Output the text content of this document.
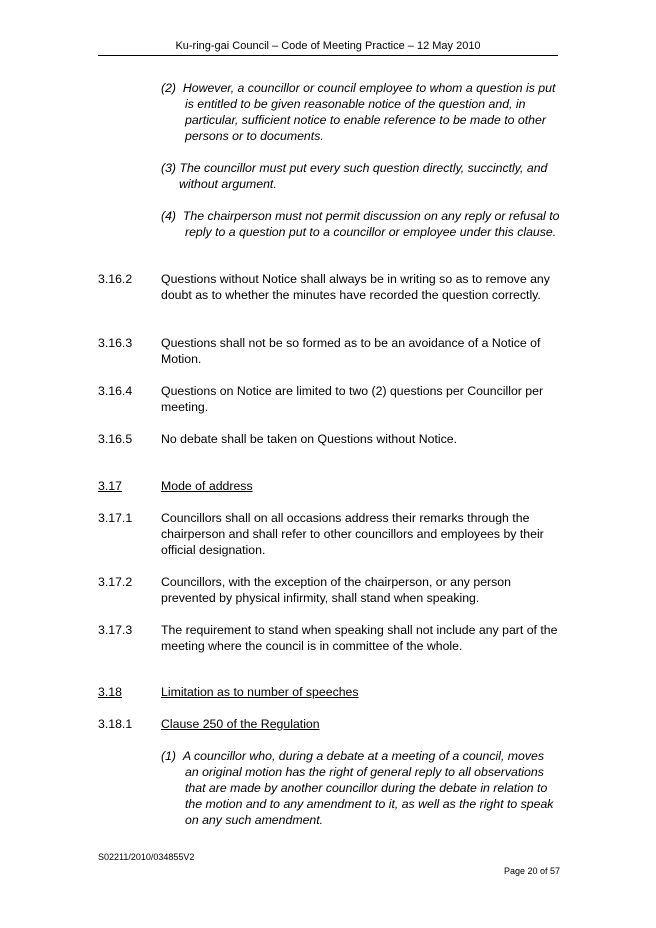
Ku-ring-gai Council – Code of Meeting Practice – 12 May 2010
(2)  However, a councillor or council employee to whom a question is put is entitled to be given reasonable notice of the question and, in particular, sufficient notice to enable reference to be made to other persons or to documents.
(3) The councillor must put every such question directly, succinctly, and without argument.
(4)  The chairperson must not permit discussion on any reply or refusal to reply to a question put to a councillor or employee under this clause.
3.16.2 Questions without Notice shall always be in writing so as to remove any doubt as to whether the minutes have recorded the question correctly.
3.16.3 Questions shall not be so formed as to be an avoidance of a Notice of Motion.
3.16.4 Questions on Notice are limited to two (2) questions per Councillor per meeting.
3.16.5 No debate shall be taken on Questions without Notice.
3.17	Mode of address
3.17.1 Councillors shall on all occasions address their remarks through the chairperson and shall refer to other councillors and employees by their official designation.
3.17.2 Councillors, with the exception of the chairperson, or any person prevented by physical infirmity, shall stand when speaking.
3.17.3 The requirement to stand when speaking shall not include any part of the meeting where the council is in committee of the whole.
3.18	Limitation as to number of speeches
3.18.1 Clause 250 of the Regulation
(1)  A councillor who, during a debate at a meeting of a council, moves an original motion has the right of general reply to all observations that are made by another councillor during the debate in relation to the motion and to any amendment to it, as well as the right to speak on any such amendment.
S02211/2010/034855V2
Page 20 of 57
